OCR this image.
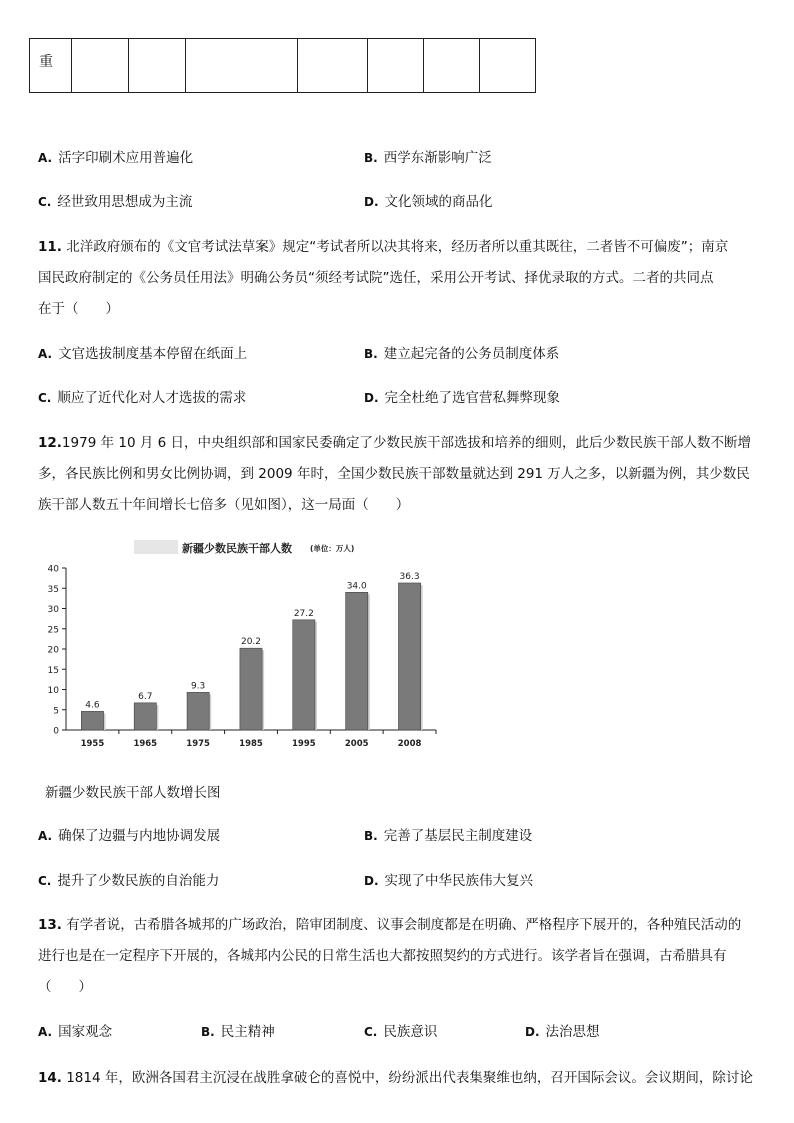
重							
A. 活字印刷术应用普遍化	B. 西学东渐影响广泛
C. 经世致用思想成为主流	D. 文化领域的商品化
11. 北洋政府颁布的《文官考试法草案》规定“考试者所以决其将来，经历者所以重其既往，二者皆不可偏废”；南京
国民政府制定的《公务员任用法》明确公务员“须经考试院”选任，采用公开考试、择优录取的方式。二者的共同点
在于（　　）
A. 文官选拔制度基本停留在纸面上	B. 建立起完备的公务员制度体系
C. 顺应了近代化对人才选拔的需求	D. 完全杜绝了选官营私舞弊现象
12.1979 年 10 月 6 日，中央组织部和国家民委确定了少数民族干部选拔和培养的细则，此后少数民族干部人数不断增
多，各民族比例和男女比例协调，到 2009 年时，全国少数民族干部数量就达到 291 万人之多，以新疆为例，其少数民
族干部人数五十年间增长七倍多（见如图），这一局面（　　）
新疆少数民族干部人数 (单位：万人)
0
5
10
15
20
25
30
35
40
4.6
1955
6.7
1965
9.3
1975
20.2
1985
27.2
1995
34.0
2005
36.3
2008
新疆少数民族干部人数增长图
A. 确保了边疆与内地协调发展	B. 完善了基层民主制度建设
C. 提升了少数民族的自治能力	D. 实现了中华民族伟大复兴
13. 有学者说，古希腊各城邦的广场政治，陪审团制度、议事会制度都是在明确、严格程序下展开的，各种殖民活动的
进行也是在一定程序下开展的，各城邦内公民的日常生活也大都按照契约的方式进行。该学者旨在强调，古希腊具有
（　　）
A. 国家观念	B. 民主精神	C. 民族意识	D. 法治思想
14. 1814 年，欧洲各国君主沉浸在战胜拿破仑的喜悦中，纷纷派出代表集聚维也纳，召开国际会议。会议期间，除讨论
